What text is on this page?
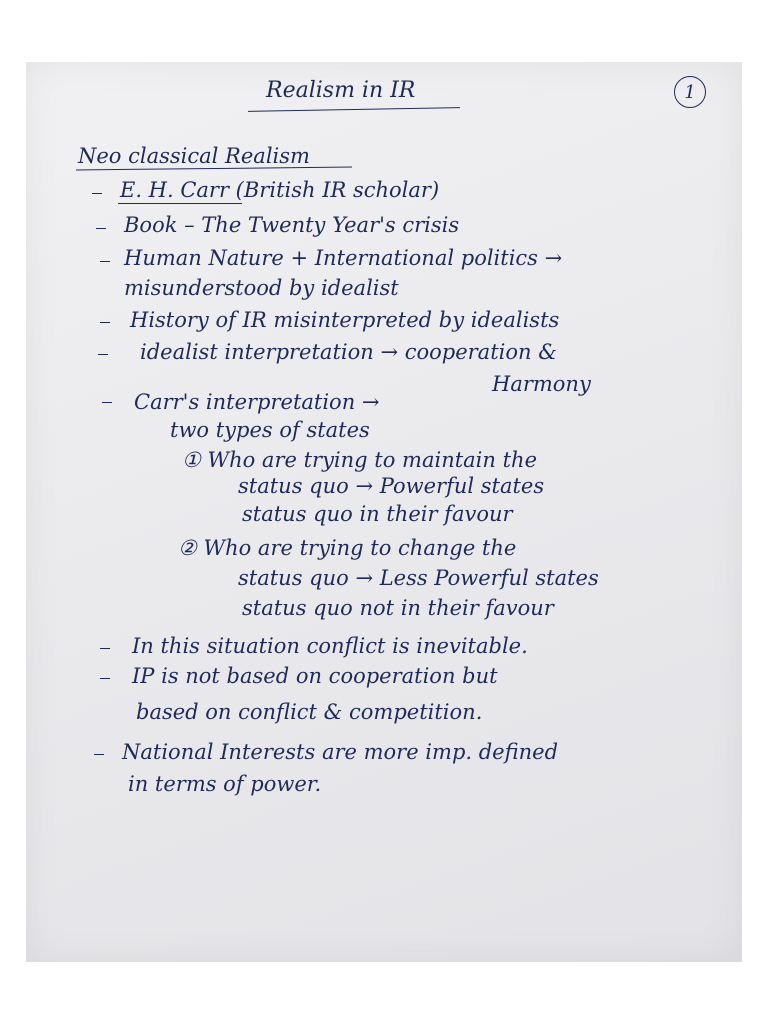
Realism in IR	1
Neo classical Realism
E. H. Carr (British IR scholar)
Book – The Twenty Year's crisis
Human Nature + International politics →
misunderstood by idealist
History of IR misinterpreted by idealists
idealist interpretation → cooperation &
Harmony
Carr's interpretation →
two types of states
① Who are trying to maintain the
status quo → Powerful states
status quo in their favour
② Who are trying to change the
status quo → Less Powerful states
status quo not in their favour
In this situation conflict is inevitable.
IP is not based on cooperation but
based on conflict & competition.
National Interests are more imp. defined
in terms of power.
